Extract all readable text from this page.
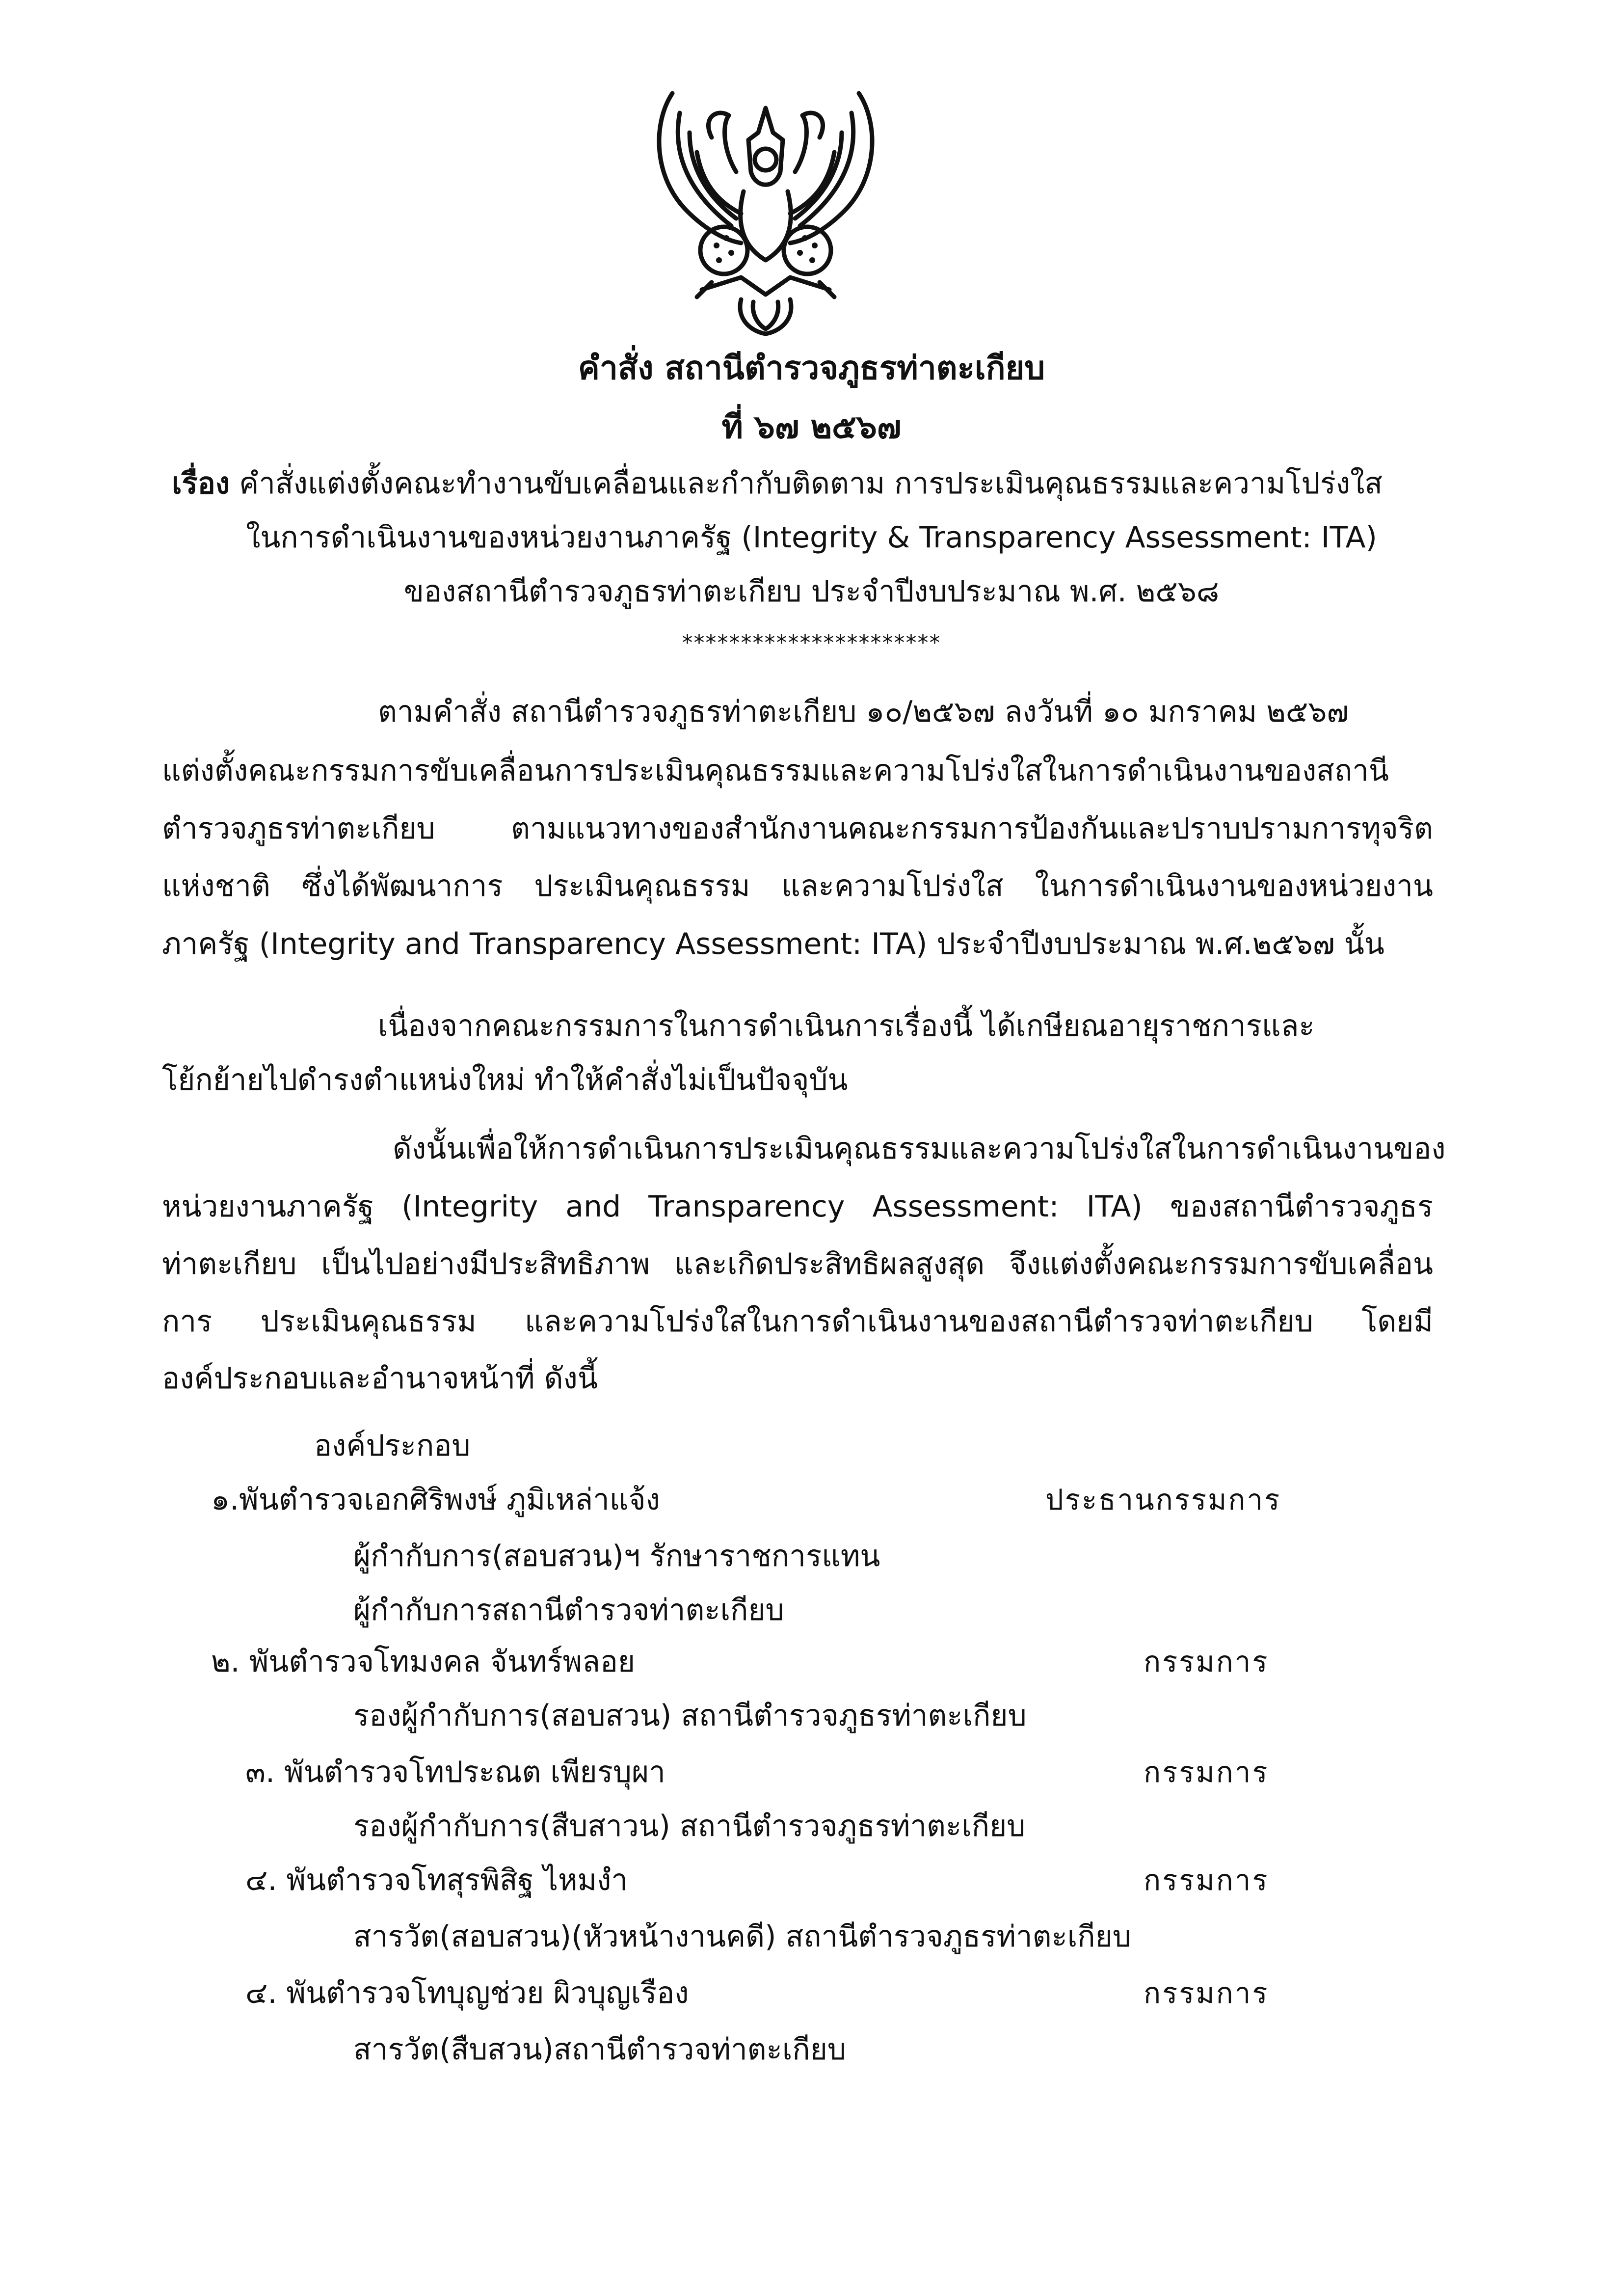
คำสั่ง สถานีตำรวจภูธรท่าตะเกียบ
ที่ ๖๗ ๒๕๖๗
เรื่อง คำสั่งแต่งตั้งคณะทำงานขับเคลื่อนและกำกับติดตาม การประเมินคุณธรรมและความโปร่งใส
ในการดำเนินงานของหน่วยงานภาครัฐ (Integrity & Transparency Assessment: ITA)
ของสถานีตำรวจภูธรท่าตะเกียบ ประจำปีงบประมาณ พ.ศ. ๒๕๖๘
**********************
ตามคำสั่ง สถานีตำรวจภูธรท่าตะเกียบ ๑๐/๒๕๖๗ ลงวันที่ ๑๐ มกราคม ๒๕๖๗
แต่งตั้งคณะกรรมการขับเคลื่อนการประเมินคุณธรรมและความโปร่งใสในการดำเนินงานของสถานี
ตำรวจภูธรท่าตะเกียบ ตามแนวทางของสำนักงานคณะกรรมการป้องกันและปราบปรามการทุจริต
แห่งชาติ ซึ่งได้พัฒนาการ ประเมินคุณธรรม และความโปร่งใส ในการดำเนินงานของหน่วยงาน
ภาครัฐ (Integrity and Transparency Assessment: ITA) ประจำปีงบประมาณ พ.ศ.๒๕๖๗ นั้น
เนื่องจากคณะกรรมการในการดำเนินการเรื่องนี้ ได้เกษียณอายุราชการและ
โย้กย้ายไปดำรงตำแหน่งใหม่ ทำให้คำสั่งไม่เป็นปัจจุบัน
ดังนั้นเพื่อให้การดำเนินการประเมินคุณธรรมและความโปร่งใสในการดำเนินงานของ
หน่วยงานภาครัฐ (Integrity and Transparency Assessment: ITA) ของสถานีตำรวจภูธร
ท่าตะเกียบ เป็นไปอย่างมีประสิทธิภาพ และเกิดประสิทธิผลสูงสุด จึงแต่งตั้งคณะกรรมการขับเคลื่อน
การ ประเมินคุณธรรม และความโปร่งใสในการดำเนินงานของสถานีตำรวจท่าตะเกียบ โดยมี
องค์ประกอบและอำนาจหน้าที่ ดังนี้
องค์ประกอบ
๑.พันตำรวจเอกศิริพงษ์ ภูมิเหล่าแจ้ง	ประธานกรรมการ
ผู้กำกับการ(สอบสวน)ฯ รักษาราชการแทน
ผู้กำกับการสถานีตำรวจท่าตะเกียบ
๒. พันตำรวจโทมงคล จันทร์พลอย	กรรมการ
รองผู้กำกับการ(สอบสวน) สถานีตำรวจภูธรท่าตะเกียบ
๓. พันตำรวจโทประณต เพียรบุผา	กรรมการ
รองผู้กำกับการ(สืบสาวน) สถานีตำรวจภูธรท่าตะเกียบ
๔. พันตำรวจโทสุรพิสิฐ ไหมงำ	กรรมการ
สารวัต(สอบสวน)(หัวหน้างานคดี) สถานีตำรวจภูธรท่าตะเกียบ
๔. พันตำรวจโทบุญช่วย ผิวบุญเรือง	กรรมการ
สารวัต(สืบสวน)สถานีตำรวจท่าตะเกียบ
